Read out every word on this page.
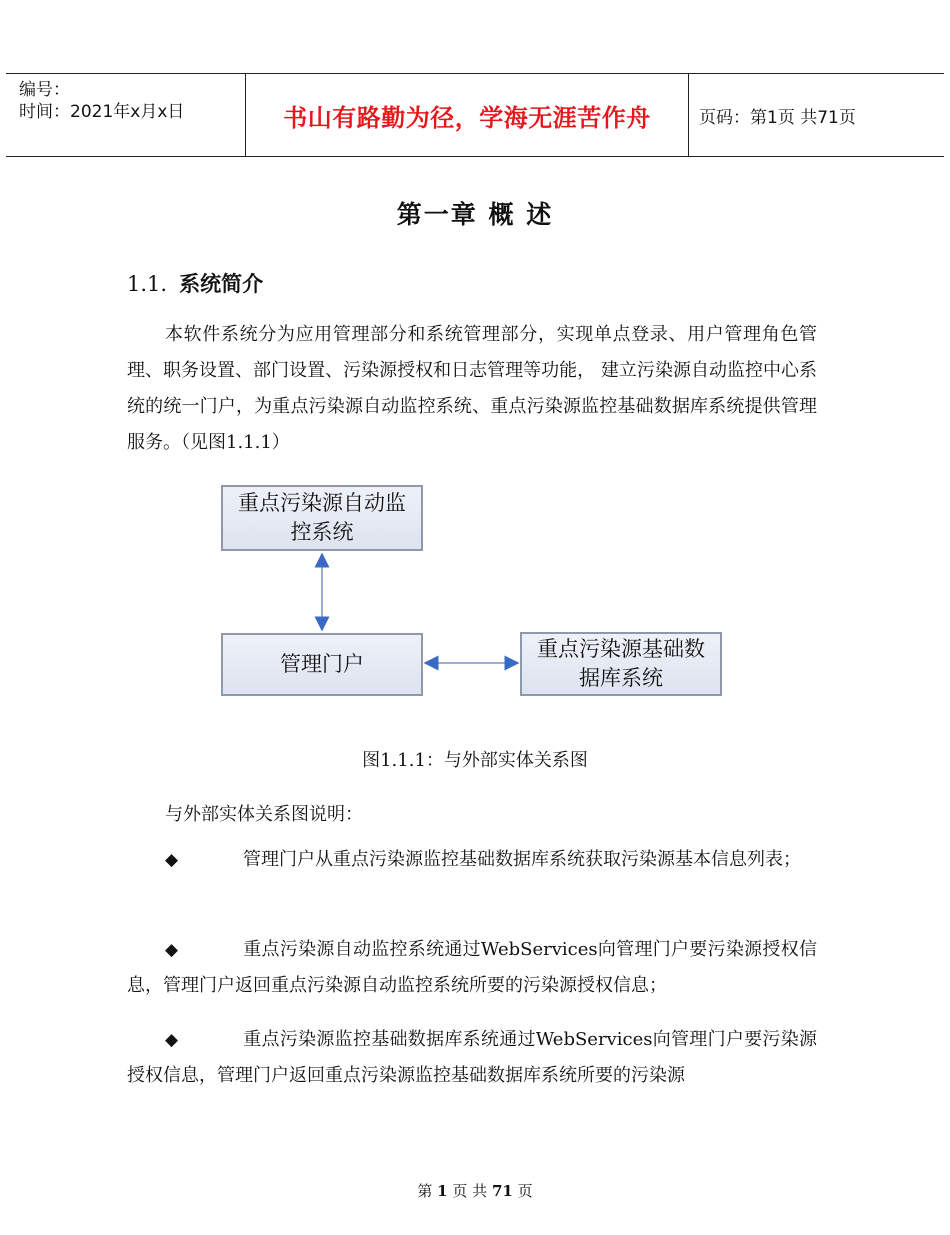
编号：
时间：2021年x月x日	书山有路勤为径，学海无涯苦作舟	页码：第1页 共71页
第一章 概 述
1.1. 系统简介
本软件系统分为应用管理部分和系统管理部分，实现单点登录、用户管理角色管理、职务设置、部门设置、污染源授权和日志管理等功能， 建立污染源自动监控中心系统的统一门户，为重点污染源自动监控系统、重点污染源监控基础数据库系统提供管理服务。（见图1.1.1）
重点污染源自动监控系统
管理门户
重点污染源基础数据库系统
图1.1.1：与外部实体关系图
与外部实体关系图说明：
◆	管理门户从重点污染源监控基础数据库系统获取污染源基本信息列表；
◆	重点污染源自动监控系统通过WebServices向管理门户要污染源授权信息，管理门户返回重点污染源自动监控系统所要的污染源授权信息；
◆	重点污染源监控基础数据库系统通过WebServices向管理门户要污染源授权信息，管理门户返回重点污染源监控基础数据库系统所要的污染源
第 1 页 共 71 页
